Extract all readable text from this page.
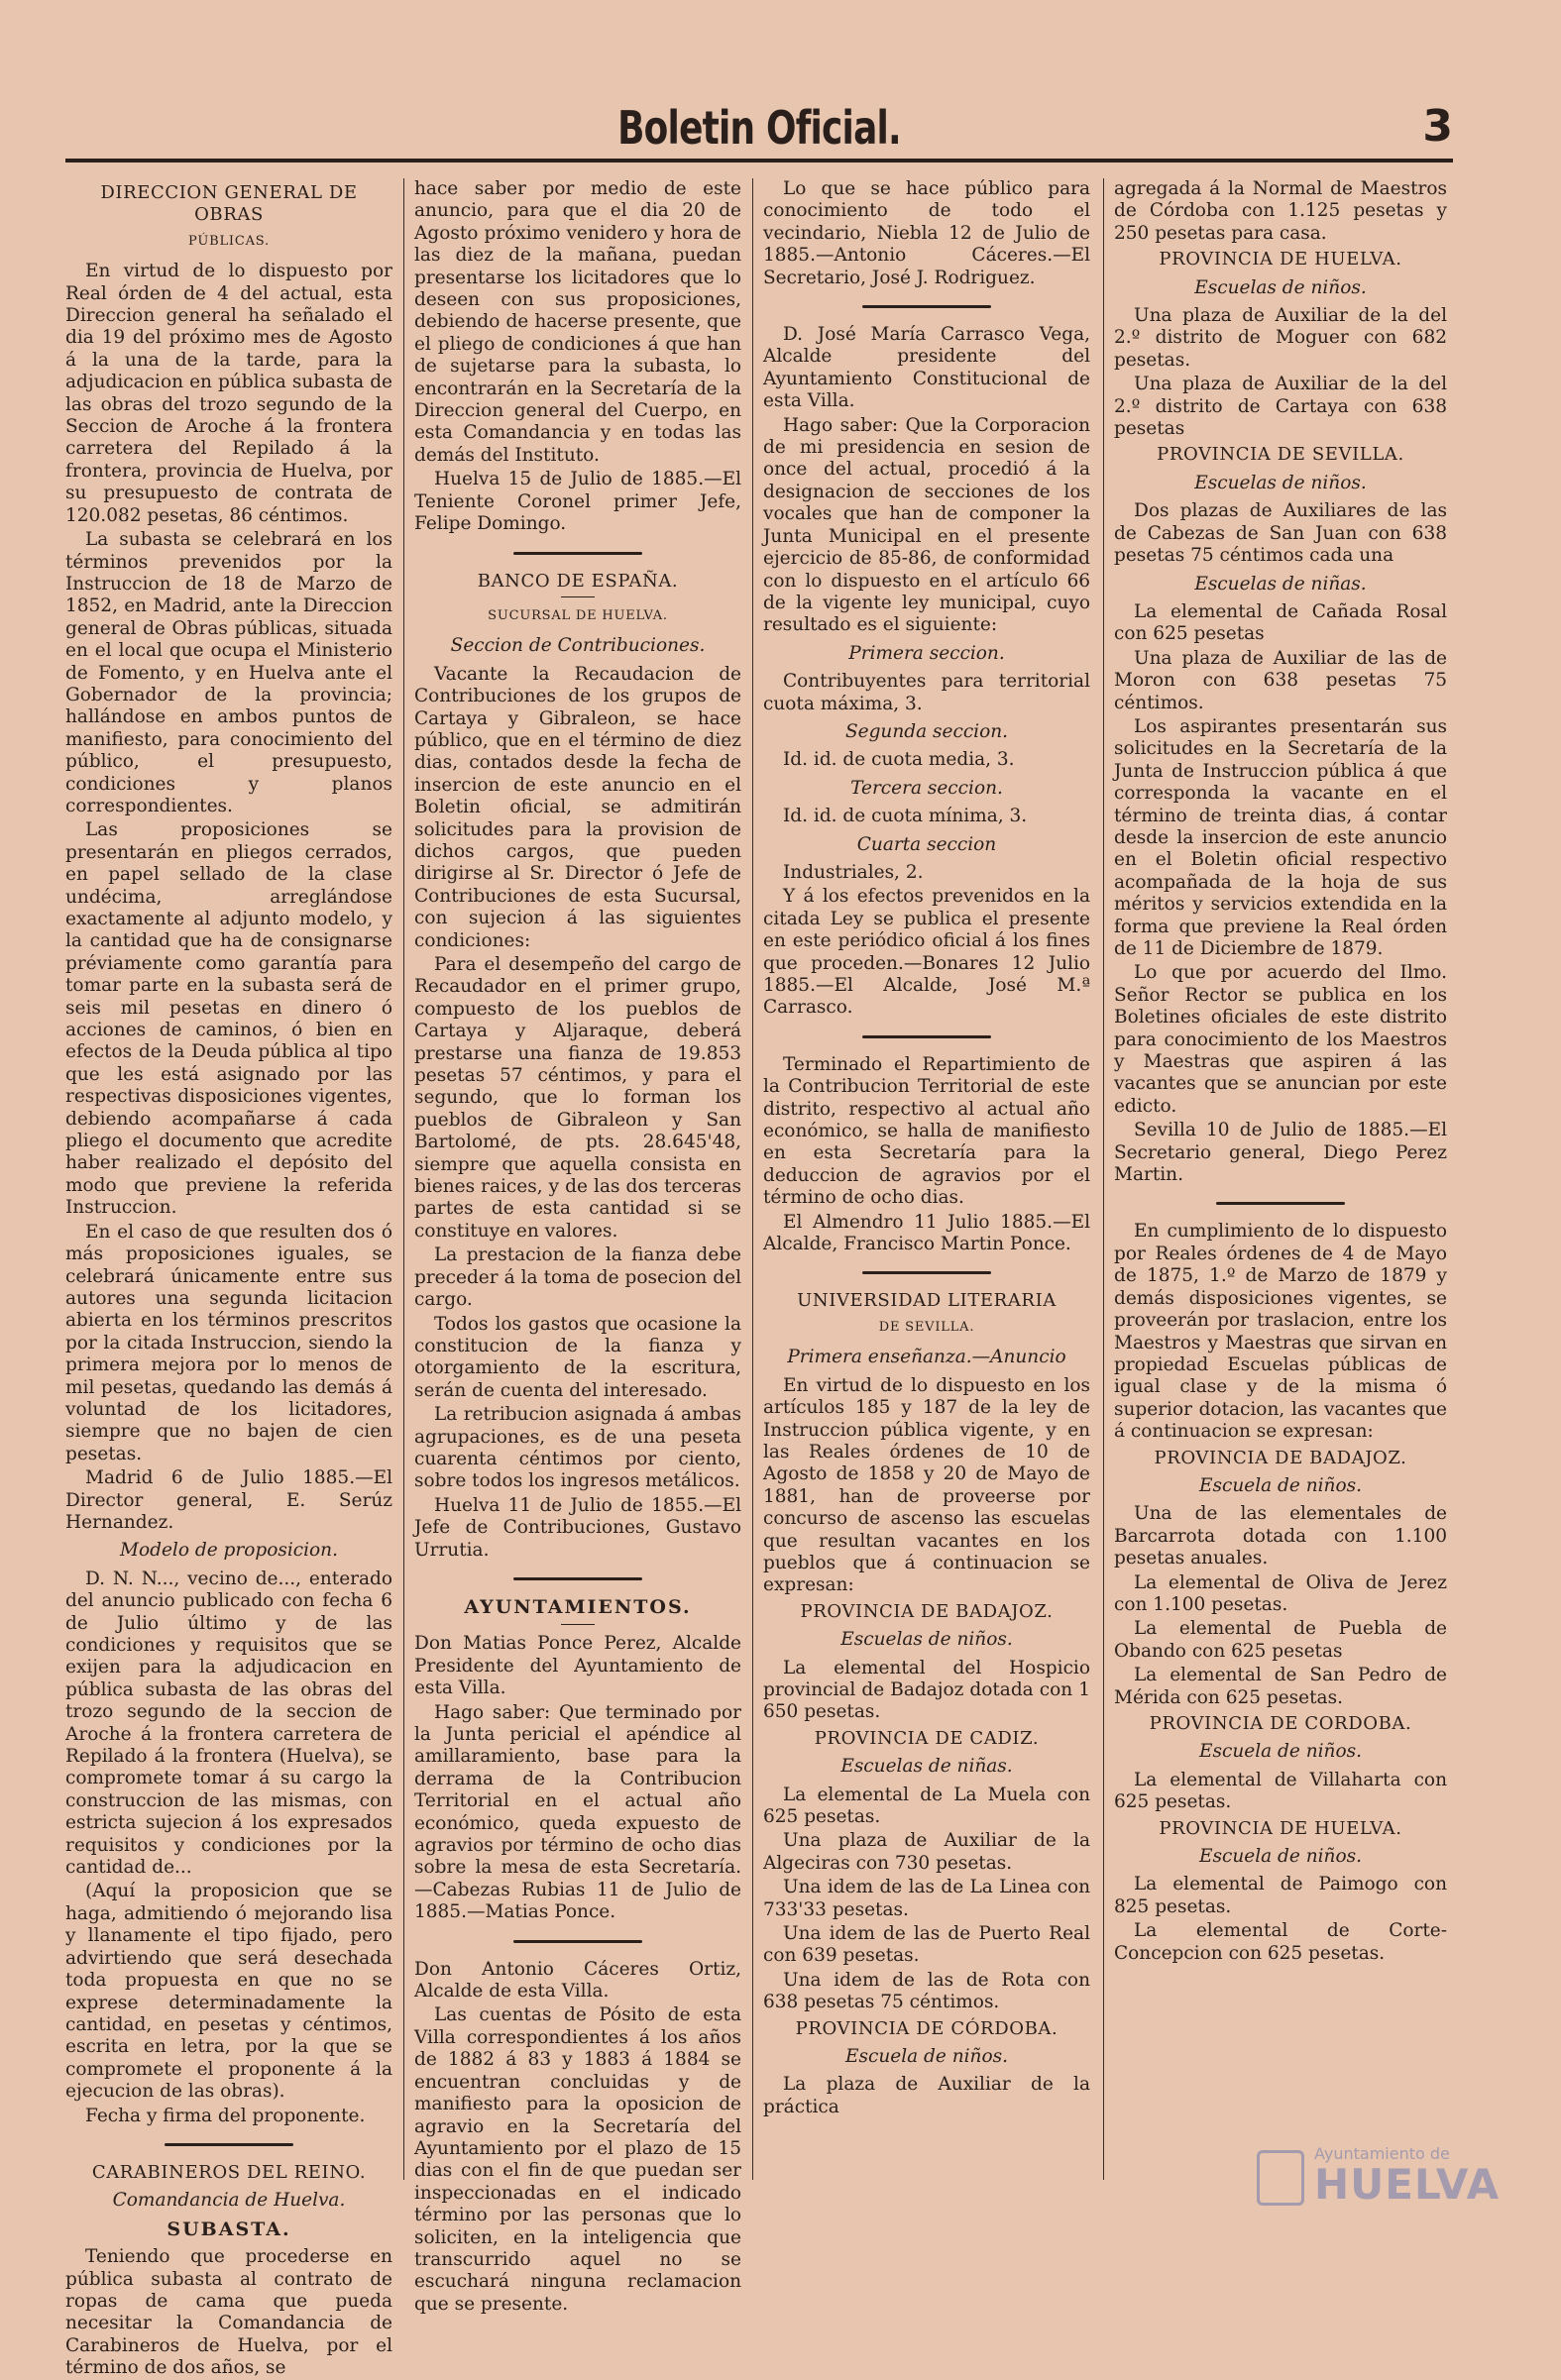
Boletin Oficial.	3

DIRECCION GENERAL DE OBRAS

PÚBLICAS.

En virtud de lo dispuesto por Real órden de 4 del actual, esta Direccion general ha señalado el dia 19 del próximo mes de Agosto á la una de la tarde, para la adjudicacion en pública subasta de las obras del trozo segundo de la Seccion de Aroche á la frontera carretera del Repilado á la frontera, provincia de Huelva, por su presupuesto de contrata de 120.082 pesetas, 86 céntimos.

La subasta se celebrará en los términos prevenidos por la Instruccion de 18 de Marzo de 1852, en Madrid, ante la Direccion general de Obras públicas, situada en el local que ocupa el Ministerio de Fomento, y en Huelva ante el Gobernador de la provincia; hallándose en ambos puntos de manifiesto, para conocimiento del público, el presupuesto, condiciones y planos correspondientes.

Las proposiciones se presentarán en pliegos cerrados, en papel sellado de la clase undécima, arreglándose exactamente al adjunto modelo, y la cantidad que ha de consignarse préviamente como garantía para tomar parte en la subasta será de seis mil pesetas en dinero ó acciones de caminos, ó bien en efectos de la Deuda pública al tipo que les está asignado por las respectivas disposiciones vigentes, debiendo acompañarse á cada pliego el documento que acredite haber realizado el depósito del modo que previene la referida Instruccion.

En el caso de que resulten dos ó más proposiciones iguales, se celebrará únicamente entre sus autores una segunda licitacion abierta en los términos prescritos por la citada Instruccion, siendo la primera mejora por lo menos de mil pesetas, quedando las demás á voluntad de los licitadores, siempre que no bajen de cien pesetas.

Madrid 6 de Julio 1885.—El Director general, E. Serúz Hernandez.

Modelo de proposicion.

D. N. N..., vecino de..., enterado del anuncio publicado con fecha 6 de Julio último y de las condiciones y requisitos que se exijen para la adjudicacion en pública subasta de las obras del trozo segundo de la seccion de Aroche á la frontera carretera de Repilado á la frontera (Huelva), se compromete tomar á su cargo la construccion de las mismas, con estricta sujecion á los expresados requisitos y condiciones por la cantidad de...

(Aquí la proposicion que se haga, admitiendo ó mejorando lisa y llanamente el tipo fijado, pero advirtiendo que será desechada toda propuesta en que no se exprese determinadamente la cantidad, en pesetas y céntimos, escrita en letra, por la que se compromete el proponente á la ejecucion de las obras).

Fecha y firma del proponente.

CARABINEROS DEL REINO.

Comandancia de Huelva.

SUBASTA.

Teniendo que procederse en pública subasta al contrato de ropas de cama que pueda necesitar la Comandancia de Carabineros de Huelva, por el término de dos años, se

hace saber por medio de este anuncio, para que el dia 20 de Agosto próximo venidero y hora de las diez de la mañana, puedan presentarse los licitadores que lo deseen con sus proposiciones, debiendo de hacerse presente, que el pliego de condiciones á que han de sujetarse para la subasta, lo encontrarán en la Secretaría de la Direccion general del Cuerpo, en esta Comandancia y en todas las demás del Instituto.

Huelva 15 de Julio de 1885.—El Teniente Coronel primer Jefe, Felipe Domingo.

BANCO DE ESPAÑA.

SUCURSAL DE HUELVA.

Seccion de Contribuciones.

Vacante la Recaudacion de Contribuciones de los grupos de Cartaya y Gibraleon, se hace público, que en el término de diez dias, contados desde la fecha de insercion de este anuncio en el Boletin oficial, se admitirán solicitudes para la provision de dichos cargos, que pueden dirigirse al Sr. Director ó Jefe de Contribuciones de esta Sucursal, con sujecion á las siguientes condiciones:

Para el desempeño del cargo de Recaudador en el primer grupo, compuesto de los pueblos de Cartaya y Aljaraque, deberá prestarse una fianza de 19.853 pesetas 57 céntimos, y para el segundo, que lo forman los pueblos de Gibraleon y San Bartolomé, de pts. 28.645'48, siempre que aquella consista en bienes raices, y de las dos terceras partes de esta cantidad si se constituye en valores.

La prestacion de la fianza debe preceder á la toma de posecion del cargo.

Todos los gastos que ocasione la constitucion de la fianza y otorgamiento de la escritura, serán de cuenta del interesado.

La retribucion asignada á ambas agrupaciones, es de una peseta cuarenta céntimos por ciento, sobre todos los ingresos metálicos.

Huelva 11 de Julio de 1855.—El Jefe de Contribuciones, Gustavo Urrutia.

AYUNTAMIENTOS.

Don Matias Ponce Perez, Alcalde Presidente del Ayuntamiento de esta Villa.

Hago saber: Que terminado por la Junta pericial el apéndice al amillaramiento, base para la derrama de la Contribucion Territorial en el actual año económico, queda expuesto de agravios por término de ocho dias sobre la mesa de esta Secretaría.—Cabezas Rubias 11 de Julio de 1885.—Matias Ponce.

Don Antonio Cáceres Ortiz, Alcalde de esta Villa.

Las cuentas de Pósito de esta Villa correspondientes á los años de 1882 á 83 y 1883 á 1884 se encuentran concluidas y de manifiesto para la oposicion de agravio en la Secretaría del Ayuntamiento por el plazo de 15 dias con el fin de que puedan ser inspeccionadas en el indicado término por las personas que lo soliciten, en la inteligencia que transcurrido aquel no se escuchará ninguna reclamacion que se presente.

Lo que se hace público para conocimiento de todo el vecindario, Niebla 12 de Julio de 1885.—Antonio Cáceres.—El Secretario, José J. Rodriguez.

D. José María Carrasco Vega, Alcalde presidente del Ayuntamiento Constitucional de esta Villa.

Hago saber: Que la Corporacion de mi presidencia en sesion de once del actual, procedió á la designacion de secciones de los vocales que han de componer la Junta Municipal en el presente ejercicio de 85-86, de conformidad con lo dispuesto en el artículo 66 de la vigente ley municipal, cuyo resultado es el siguiente:

Primera seccion.

Contribuyentes para territorial cuota máxima, 3.

Segunda seccion.

Id. id. de cuota media, 3.

Tercera seccion.

Id. id. de cuota mínima, 3.

Cuarta seccion

Industriales, 2.

Y á los efectos prevenidos en la citada Ley se publica el presente en este periódico oficial á los fines que proceden.—Bonares 12 Julio 1885.—El Alcalde, José M.ª Carrasco.

Terminado el Repartimiento de la Contribucion Territorial de este distrito, respectivo al actual año económico, se halla de manifiesto en esta Secretaría para la deduccion de agravios por el término de ocho dias.

El Almendro 11 Julio 1885.—El Alcalde, Francisco Martin Ponce.

UNIVERSIDAD LITERARIA

DE SEVILLA.

Primera enseñanza.—Anuncio

En virtud de lo dispuesto en los artículos 185 y 187 de la ley de Instruccion pública vigente, y en las Reales órdenes de 10 de Agosto de 1858 y 20 de Mayo de 1881, han de proveerse por concurso de ascenso las escuelas que resultan vacantes en los pueblos que á continuacion se expresan:

PROVINCIA DE BADAJOZ.

Escuelas de niños.

La elemental del Hospicio provincial de Badajoz dotada con 1 650 pesetas.

PROVINCIA DE CADIZ.

Escuelas de niñas.

La elemental de La Muela con 625 pesetas.

Una plaza de Auxiliar de la Algeciras con 730 pesetas.

Una idem de las de La Linea con 733'33 pesetas.

Una idem de las de Puerto Real con 639 pesetas.

Una idem de las de Rota con 638 pesetas 75 céntimos.

PROVINCIA DE CÓRDOBA.

Escuela de niños.

La plaza de Auxiliar de la práctica

agregada á la Normal de Maestros de Córdoba con 1.125 pesetas y 250 pesetas para casa.

PROVINCIA DE HUELVA.

Escuelas de niños.

Una plaza de Auxiliar de la del 2.º distrito de Moguer con 682 pesetas.

Una plaza de Auxiliar de la del 2.º distrito de Cartaya con 638 pesetas

PROVINCIA DE SEVILLA.

Escuelas de niños.

Dos plazas de Auxiliares de las de Cabezas de San Juan con 638 pesetas 75 céntimos cada una

Escuelas de niñas.

La elemental de Cañada Rosal con 625 pesetas

Una plaza de Auxiliar de las de Moron con 638 pesetas 75 céntimos.

Los aspirantes presentarán sus solicitudes en la Secretaría de la Junta de Instruccion pública á que corresponda la vacante en el término de treinta dias, á contar desde la insercion de este anuncio en el Boletin oficial respectivo acompañada de la hoja de sus méritos y servicios extendida en la forma que previene la Real órden de 11 de Diciembre de 1879.

Lo que por acuerdo del Ilmo. Señor Rector se publica en los Boletines oficiales de este distrito para conocimiento de los Maestros y Maestras que aspiren á las vacantes que se anuncian por este edicto.

Sevilla 10 de Julio de 1885.—El Secretario general, Diego Perez Martin.

En cumplimiento de lo dispuesto por Reales órdenes de 4 de Mayo de 1875, 1.º de Marzo de 1879 y demás disposiciones vigentes, se proveerán por traslacion, entre los Maestros y Maestras que sirvan en propiedad Escuelas públicas de igual clase y de la misma ó superior dotacion, las vacantes que á continuacion se expresan:

PROVINCIA DE BADAJOZ.

Escuela de niños.

Una de las elementales de Barcarrota dotada con 1.100 pesetas anuales.

La elemental de Oliva de Jerez con 1.100 pesetas.

La elemental de Puebla de Obando con 625 pesetas

La elemental de San Pedro de Mérida con 625 pesetas.

PROVINCIA DE CORDOBA.

Escuela de niños.

La elemental de Villaharta con 625 pesetas.

PROVINCIA DE HUELVA.

Escuela de niños.

La elemental de Paimogo con 825 pesetas.

La elemental de Corte-Concepcion con 625 pesetas.

Ayuntamiento de
HUELVA
